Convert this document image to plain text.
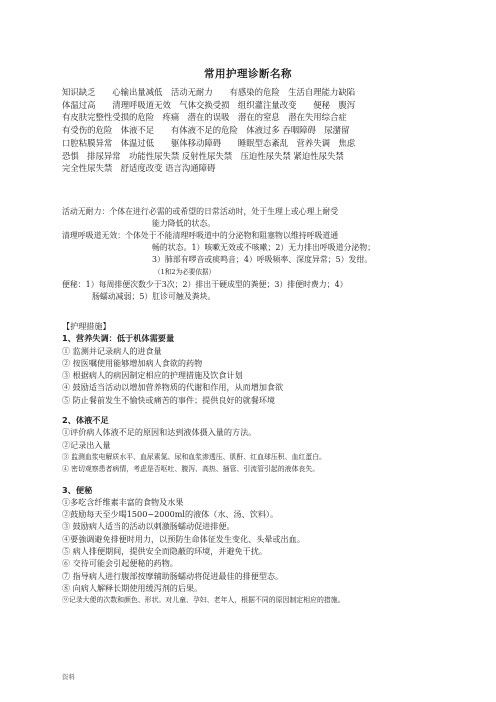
常用护理诊断名称
知识缺乏　　心输出量减低　活动无耐力　　有感染的危险　生活自理能力缺陷
体温过高　　清理呼吸道无效　气体交换受损　组织灌注量改变　　便秘　腹泻
有皮肤完整性受损的危险　疼痛　潜在的误吸　潜在的窒息　潜在失用综合症
有受伤的危险　体液不足　　有体液不足的危险　体液过多 吞咽障碍　尿潴留
口腔粘膜异常　体温过低　　躯体移动障碍　　睡眠型态紊乱　营养失调　焦虑
恐惧　排尿异常　功能性尿失禁 反射性尿失禁　压迫性尿失禁 紧迫性尿失禁
完全性尿失禁　舒适度改变 语言沟通障碍

活动无耐力：个体在进行必需的或希望的日常活动时，处于生理上或心理上耐受

能力降低的状态。

清理呼吸道无效：个体处于不能清理呼吸道中的分泌物和阻塞物以维持呼吸道通

畅的状态。1）咳嗽无效或不咳嗽；2）无力排出呼吸道分泌物；

3）肺部有啰音或痰鸣音；4）呼吸频率、深度异常；5）发绀。

（1和2为必要依据）

便秘：1）每周排便次数少于3次；2）排出干硬成型的粪便；3）排便时费力；4）

肠蠕动减弱；5）肛诊可触及粪块。

【护理措施】

1、营养失调：低于机体需要量

① 监测并记录病人的进食量

② 按医嘱使用能够增加病人食欲的药物

③ 根据病人的病因制定相应的护理措施及饮食计划

④ 鼓励适当活动以增加营养物质的代谢和作用，从而增加食欲

⑤ 防止餐前发生不愉快或痛苦的事件；提供良好的就餐环境

2、体液不足

①评价病人体液不足的原因和达到液体摄入量的方法。

②记录出入量

③ 监测血浆电解质水平、血尿素氮、尿和血浆渗透压、肌酐、红血球压积、血红蛋白。

④ 密切观察患者病情，考虑是否呕吐、腹泻、高热、插管、引流管引起的液体丧失。

3、便秘

①多吃含纤维素丰富的食物及水果

②鼓励每天至少喝1500~2000ml的液体（水、汤、饮料）。

③ 鼓励病人适当的活动以刺激肠蠕动促进排便。

④要強调避免排便时用力，以预防生命体征发生变化、头晕或出血。

⑤ 病人排便期间，提供安全而隐蔽的环境，并避免干扰。

⑥ 交待可能会引起便秘的药物。

⑦ 指导病人进行腹部按摩辅助肠蠕动将促进最佳的排便型态。

⑧ 向病人解释长期使用缓泻剂的后果。

⑨记录大便的次数和颜色、形状。对儿童、孕妇、老年人，根据不同的原因制定相应的措施。

资料
